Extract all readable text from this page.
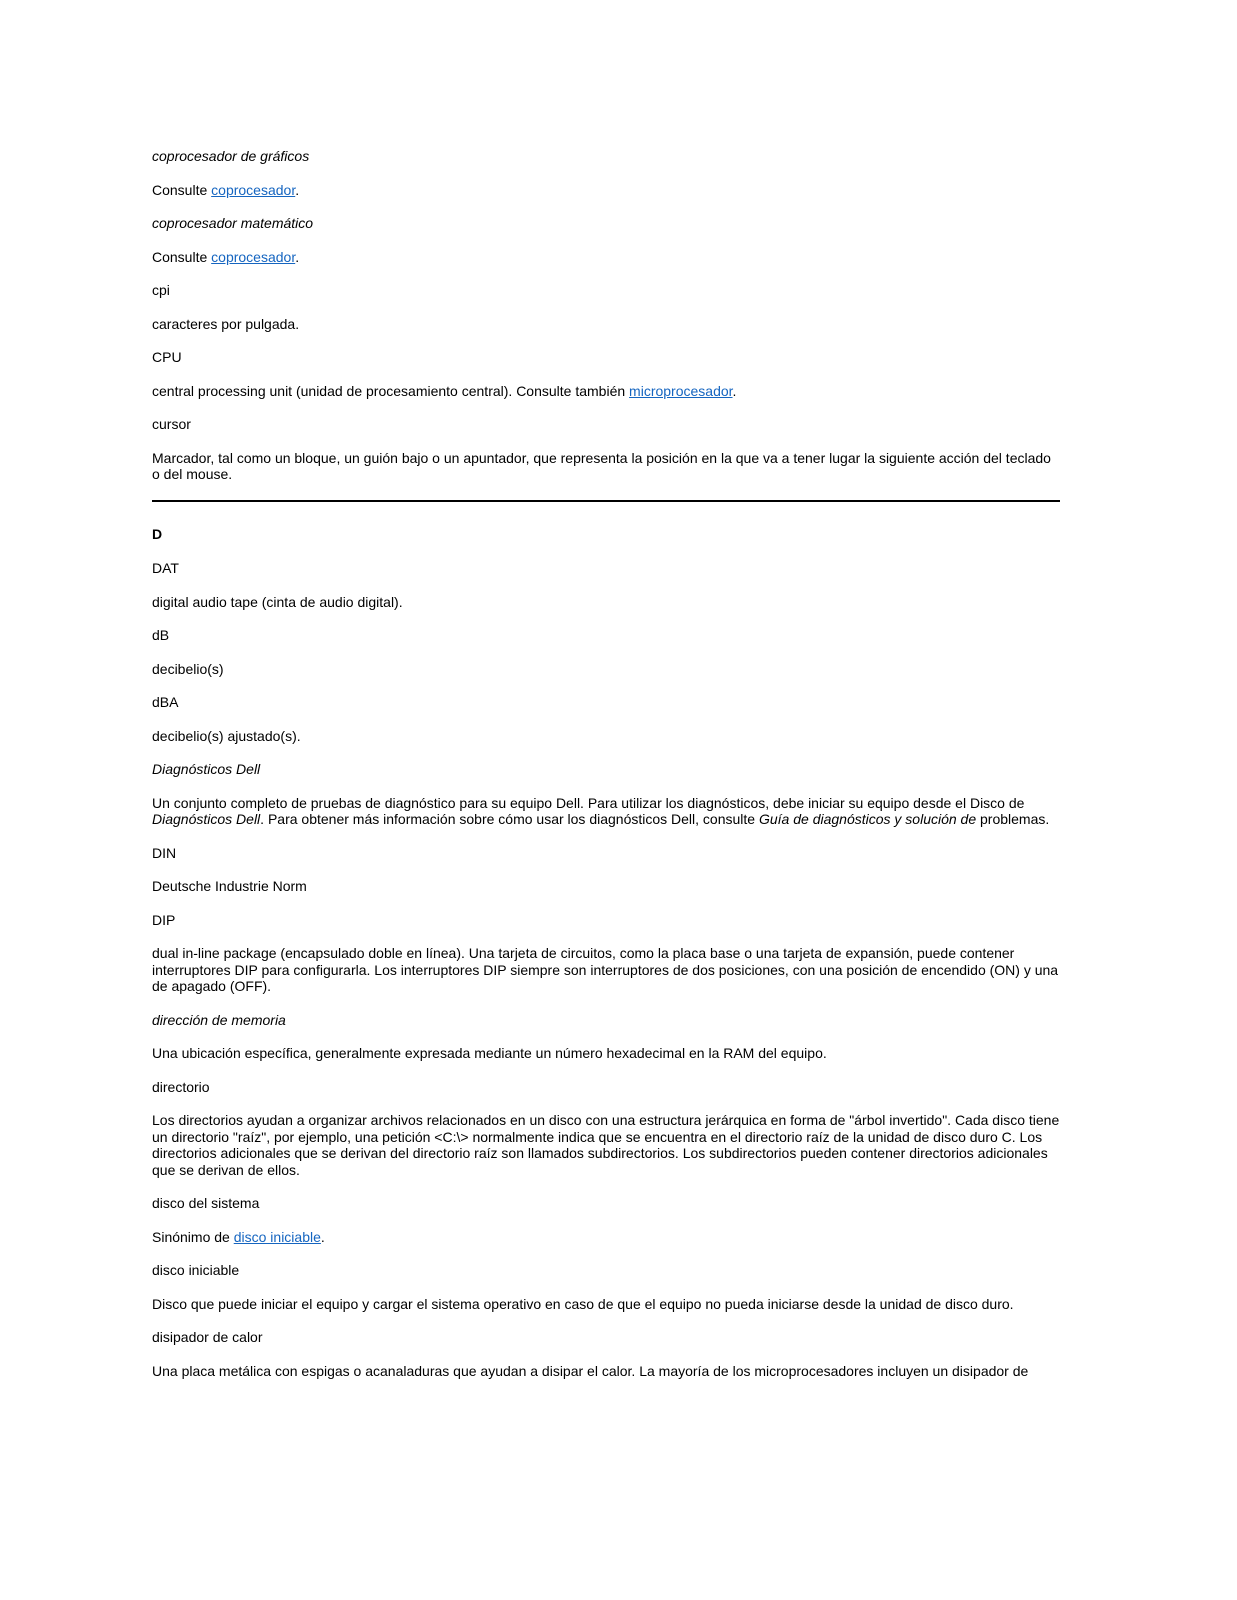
coprocesador de gráficos

Consulte coprocesador.

coprocesador matemático

Consulte coprocesador.

cpi

caracteres por pulgada.

CPU

central processing unit (unidad de procesamiento central). Consulte también microprocesador.

cursor

Marcador, tal como un bloque, un guión bajo o un apuntador, que representa la posición en la que va a tener lugar la siguiente acción del teclado o del mouse.

D

DAT

digital audio tape (cinta de audio digital).

dB

decibelio(s)

dBA

decibelio(s) ajustado(s).

Diagnósticos Dell

Un conjunto completo de pruebas de diagnóstico para su equipo Dell. Para utilizar los diagnósticos, debe iniciar su equipo desde el Disco de Diagnósticos Dell. Para obtener más información sobre cómo usar los diagnósticos Dell, consulte Guía de diagnósticos y solución de problemas.

DIN

Deutsche Industrie Norm

DIP

dual in-line package (encapsulado doble en línea). Una tarjeta de circuitos, como la placa base o una tarjeta de expansión, puede contener interruptores DIP para configurarla. Los interruptores DIP siempre son interruptores de dos posiciones, con una posición de encendido (ON) y una de apagado (OFF).

dirección de memoria

Una ubicación específica, generalmente expresada mediante un número hexadecimal en la RAM del equipo.

directorio

Los directorios ayudan a organizar archivos relacionados en un disco con una estructura jerárquica en forma de "árbol invertido". Cada disco tiene un directorio "raíz", por ejemplo, una petición <C:\> normalmente indica que se encuentra en el directorio raíz de la unidad de disco duro C. Los directorios adicionales que se derivan del directorio raíz son llamados subdirectorios. Los subdirectorios pueden contener directorios adicionales que se derivan de ellos.

disco del sistema

Sinónimo de disco iniciable.

disco iniciable

Disco que puede iniciar el equipo y cargar el sistema operativo en caso de que el equipo no pueda iniciarse desde la unidad de disco duro.

disipador de calor

Una placa metálica con espigas o acanaladuras que ayudan a disipar el calor. La mayoría de los microprocesadores incluyen un disipador de
